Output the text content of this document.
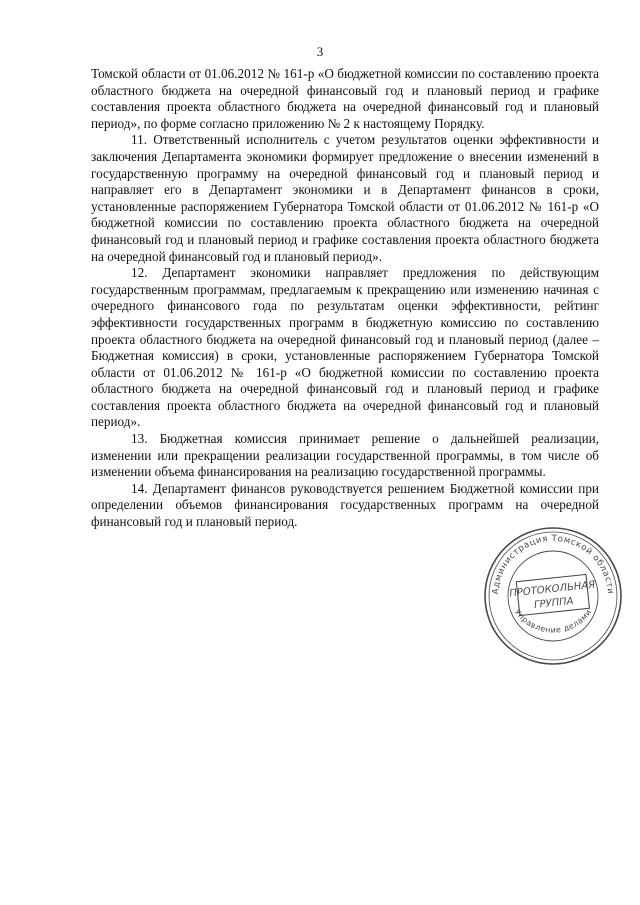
3

Томской области от 01.06.2012 № 161-р «О бюджетной комиссии по составлению проекта областного бюджета на очередной финансовый год и плановый период и графике составления проекта областного бюджета на очередной финансовый год и плановый период», по форме согласно приложению № 2 к настоящему Порядку.

11. Ответственный исполнитель с учетом результатов оценки эффективности и заключения Департамента экономики формирует предложение о внесении изменений в государственную программу на очередной финансовый год и плановый период и направляет его в Департамент экономики и в Департамент финансов в сроки, установленные распоряжением Губернатора Томской области от 01.06.2012 № 161-р «О бюджетной комиссии по составлению проекта областного бюджета на очередной финансовый год и плановый период и графике составления проекта областного бюджета на очередной финансовый год и плановый период».

12. Департамент экономики направляет предложения по действующим государственным программам, предлагаемым к прекращению или изменению начиная с очередного финансового года по результатам оценки эффективности, рейтинг эффективности государственных программ в бюджетную комиссию по составлению проекта областного бюджета на очередной финансовый год и плановый период (далее – Бюджетная комиссия) в сроки, установленные распоряжением Губернатора Томской области от 01.06.2012 № 161-р «О бюджетной комиссии по составлению проекта областного бюджета на очередной финансовый год и плановый период и графике составления проекта областного бюджета на очередной финансовый год и плановый период».

13. Бюджетная комиссия принимает решение о дальнейшей реализации, изменении или прекращении реализации государственной программы, в том числе об изменении объема финансирования на реализацию государственной программы.

14. Департамент финансов руководствуется решением Бюджетной комиссии при определении объемов финансирования государственных программ на очередной финансовый год и плановый период.

Администрация Томской области
Управление делами
ПРОТОКОЛЬНАЯ
ГРУППА
